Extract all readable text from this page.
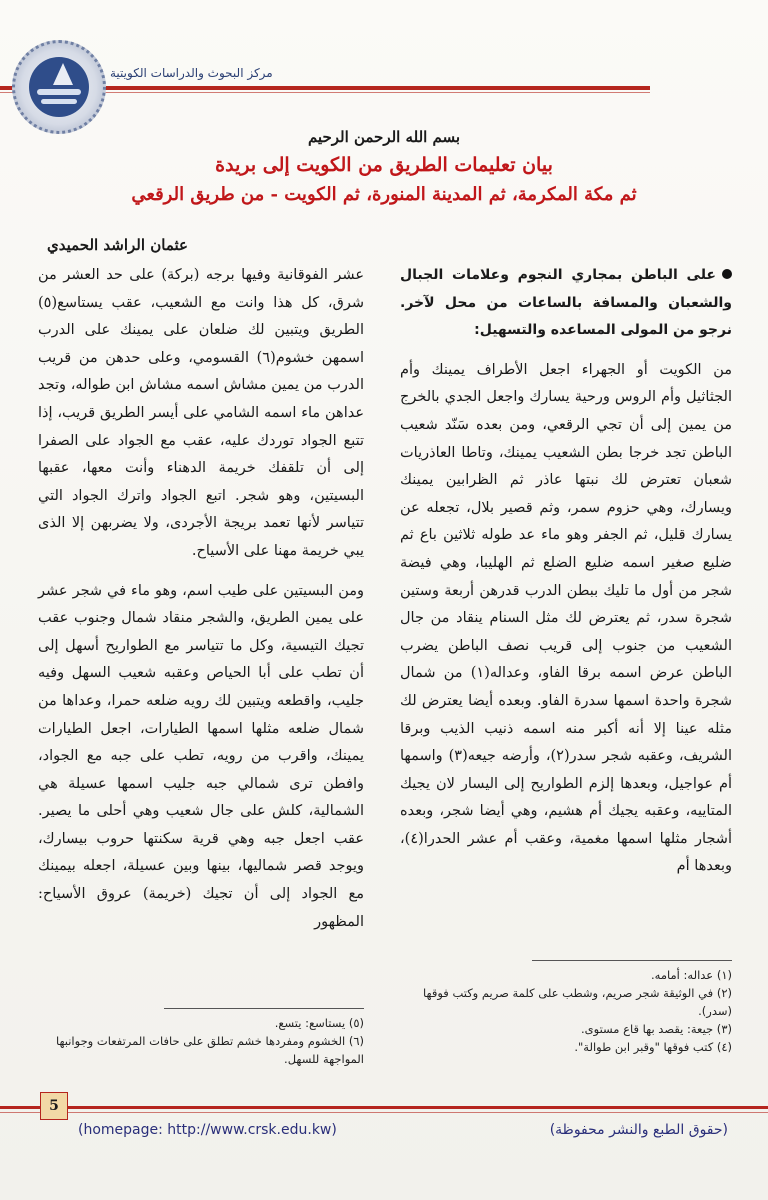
مركز البحوث والدراسات الكويتية
بسم الله الرحمن الرحيم
بيان تعليمات الطريق من الكويت إلى بريدة
ثم مكة المكرمة، ثم المدينة المنورة، ثم الكويت - من طريق الرقعي
عثمان الراشد الحميدي

على الباطن بمجاري النجوم وعلامات الجبال والشعبان والمسافة بالساعات من محل لآخر. نرجو من المولى المساعده والتسهيل:

من الكويت أو الجهراء اجعل الأطراف يمينك وأم الجثاثيل وأم الروس ورحية يسارك واجعل الجدي بالخرج من يمين إلى أن تجي الرقعي، ومن بعده سَنّد شعيب الباطن تجد خرجا بطن الشعيب يمينك، وتاطا العاذريات شعبان تعترض لك نبتها عاذر ثم الظرابين يمينك ويسارك، وهي حزوم سمر، وثم قصير بلال، تجعله عن يسارك قليل، ثم الجفر وهو ماء عد طوله ثلاثين باع ثم ضليع صغير اسمه ضليع الضلع ثم الهليبا، وهي فيضة شجر من أول ما تليك ببطن الدرب قدرهن أربعة وستين شجرة سدر، ثم يعترض لك مثل السنام ينقاد من جال الشعيب من جنوب إلى قريب نصف الباطن يضرب الباطن عرض اسمه برقا الفاو، وعداله(١) من شمال شجرة واحدة اسمها سدرة الفاو. وبعده أيضا يعترض لك مثله عينا إلا أنه أكبر منه اسمه ذنيب الذيب وبرقا الشريف، وعقبه شجر سدر(٢)، وأرضه جيعه(٣) واسمها أم عواجيل، وبعدها إلزم الطواريح إلى اليسار لان يجيك المتاييه، وعقبه يجيك أم هشيم، وهي أيضا شجر، وبعده أشجار مثلها اسمها مغمية، وعقب أم عشر الحدرا(٤)، وبعدها أم

عشر الفوقانية وفيها برجه (بركة) على حد العشر من شرق، كل هذا وانت مع الشعيب، عقب يستاسع(٥) الطريق ويتبين لك ضلعان على يمينك على الدرب اسمهن خشوم(٦) القسومي، وعلى حدهن من قريب الدرب من يمين مشاش اسمه مشاش ابن طواله، وتجد عداهن ماء اسمه الشامي على أيسر الطريق قريب، إذا تتبع الجواد توردك عليه، عقب مع الجواد على الصفرا إلى أن تلقفك خريمة الدهناء وأنت معها، عقبها البسيتين، وهو شجر. اتبع الجواد واترك الجواد التي تتياسر لأنها تعمد بريجة الأجردى، ولا يضربهن إلا الذى يبي خريمة مهنا على الأسياح.

ومن البسيتين على طيب اسم، وهو ماء في شجر عشر على يمين الطريق، والشجر منقاد شمال وجنوب عقب تجيك التيسية، وكل ما تتياسر مع الطواريح أسهل إلى أن تطب على أبا الحياص وعقبه شعيب السهل وفيه جليب، واقطعه ويتبين لك رويه ضلعه حمرا، وعداها من شمال ضلعه مثلها اسمها الطيارات، اجعل الطيارات يمينك، واقرب من رويه، تطب على جبه مع الجواد، وافطن ترى شمالي جبه جليب اسمها عسيلة هي الشمالية، كلش على جال شعيب وهي أحلى ما يصير. عقب اجعل جبه وهي قرية سكنتها حروب بيسارك، ويوجد قصر شماليها، بينها وبين عسيلة، اجعله بيمينك مع الجواد إلى أن تجيك (خريمة) عروق الأسياح: المظهور

(١) عداله: أمامه.
(٢) في الوثيقة شجر صريم، وشطب على كلمة صريم وكتب فوقها (سدر).
(٣) جيعة: يقصد بها قاع مستوى.
(٤) كتب فوقها "وقبر ابن طوالة".
(٥) يستاسع: يتسع.
(٦) الخشوم ومفردها خشم تطلق على حافات المرتفعات وجوانبها المواجهة للسهل.
5
(homepage: http://www.crsk.edu.kw)	(حقوق الطبع والنشر محفوظة)
